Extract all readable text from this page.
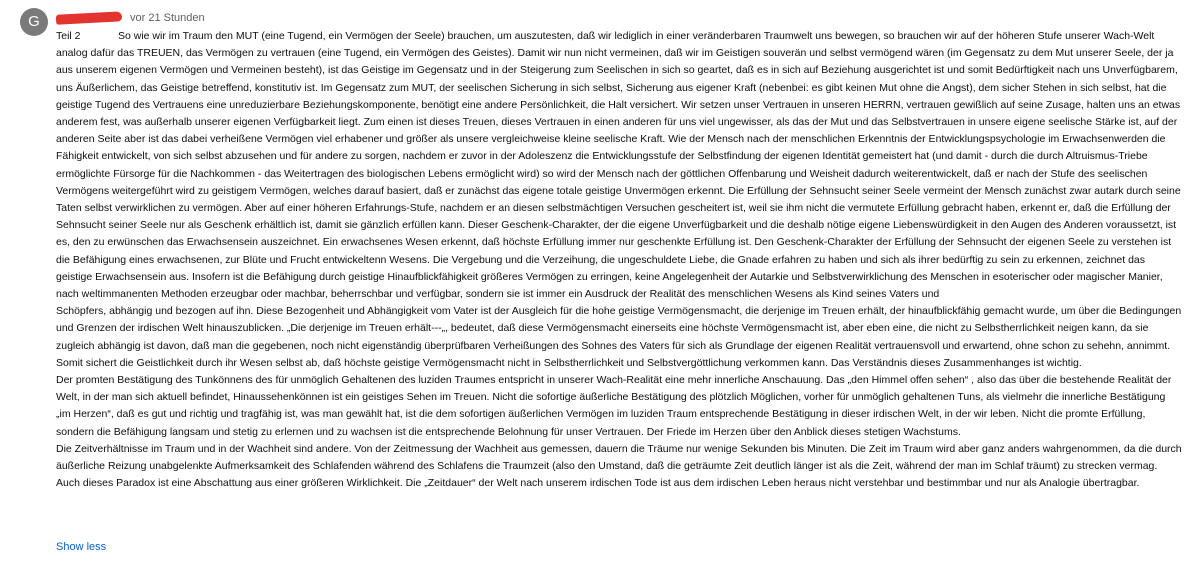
G	vor 21 Stunden

Teil 2	So wie wir im Traum den MUT (eine Tugend, ein Vermögen der Seele) brauchen, um auszutesten, daß wir lediglich in einer veränderbaren Traumwelt uns bewegen, so brauchen wir auf der höheren Stufe unserer Wach-Welt analog dafür das TREUEN, das Vermögen zu vertrauen (eine Tugend, ein Vermögen des Geistes). Damit wir nun nicht vermeinen, daß wir im Geistigen souverän und selbst vermögend wären (im Gegensatz zu dem Mut unserer Seele, der ja aus unserem eigenen Vermögen und Vermeinen besteht), ist das Geistige im Gegensatz und in der Steigerung zum Seelischen in sich so geartet, daß es in sich auf Beziehung ausgerichtet ist und somit Bedürftigkeit nach uns Unverfügbarem, uns Äußerlichem, das Geistige betreffend, konstitutiv ist. Im Gegensatz zum MUT, der seelischen Sicherung in sich selbst, Sicherung aus eigener Kraft (nebenbei: es gibt keinen Mut ohne die Angst), dem sicher Stehen in sich selbst, hat die geistige Tugend des Vertrauens eine unreduzierbare Beziehungskomponente, benötigt eine andere Persönlichkeit, die Halt versichert. Wir setzen unser Vertrauen in unseren HERRN, vertrauen gewißlich auf seine Zusage, halten uns an etwas anderem fest, was außerhalb unserer eigenen Verfügbarkeit liegt. Zum einen ist dieses Treuen, dieses Vertrauen in einen anderen für uns viel ungewisser, als das der Mut und das Selbstvertrauen in unsere eigene seelische Stärke ist, auf der anderen Seite aber ist das dabei verheißene Vermögen viel erhabener und größer als unsere vergleichweise kleine seelische Kraft. Wie der Mensch nach der menschlichen Erkenntnis der Entwicklungspsychologie im Erwachsenwerden die Fähigkeit entwickelt, von sich selbst abzusehen und für andere zu sorgen, nachdem er zuvor in der Adoleszenz die Entwicklungsstufe der Selbstfindung der eigenen Identität gemeistert hat (und damit - durch die durch Altruismus-Triebe ermöglichte Fürsorge für die Nachkommen - das Weitertragen des biologischen Lebens ermöglicht wird) so wird der Mensch nach der göttlichen Offenbarung und Weisheit dadurch weiterentwickelt, daß er nach der Stufe des seelischen Vermögens weitergeführt wird zu geistigem Vermögen, welches darauf basiert, daß er zunächst das eigene totale geistige Unvermögen erkennt. Die Erfüllung der Sehnsucht seiner Seele vermeint der Mensch zunächst zwar autark durch seine Taten selbst verwirklichen zu vermögen. Aber auf einer höheren Erfahrungs-Stufe, nachdem er an diesen selbstmächtigen Versuchen gescheitert ist, weil sie ihm nicht die vermutete Erfüllung gebracht haben, erkennt er, daß die Erfüllung der Sehnsucht seiner Seele nur als Geschenk erhältlich ist, damit sie gänzlich erfüllen kann. Dieser Geschenk-Charakter, der die eigene Unverfügbarkeit und die deshalb nötige eigene Liebenswürdigkeit in den Augen des Anderen voraussetzt, ist es, den zu erwünschen das Erwachsensein auszeichnet. Ein erwachsenes Wesen erkennt, daß höchste Erfüllung immer nur geschenkte Erfüllung ist. Den Geschenk-Charakter der Erfüllung der Sehnsucht der eigenen Seele zu verstehen ist die Befähigung eines erwachsenen, zur Blüte und Frucht entwickeltenn Wesens. Die Vergebung und die Verzeihung, die ungeschuldete Liebe, die Gnade erfahren zu haben und sich als ihrer bedürftig zu sein zu erkennen, zeichnet das geistige Erwachsensein aus. Insofern ist die Befähigung durch geistige Hinaufblickfähigkeit größeres Vermögen zu erringen, keine Angelegenheit der Autarkie und Selbstverwirklichung des Menschen in esoterischer oder magischer Manier, nach weltimmanenten Methoden erzeugbar oder machbar, beherrschbar und verfügbar, sondern sie ist immer ein Ausdruck der Realität des menschlichen Wesens als Kind seines Vaters und

Schöpfers, abhängig und bezogen auf ihn. Diese Bezogenheit und Abhängigkeit vom Vater ist der Ausgleich für die hohe geistige Vermögensmacht, die derjenige im Treuen erhält, der hinaufblickfähig gemacht wurde, um über die Bedingungen und Grenzen der irdischen Welt hinauszublicken. „Die derjenige im Treuen erhält---„, bedeutet, daß diese Vermögensmacht einerseits eine höchste Vermögensmacht ist, aber eben eine, die nicht zu Selbstherrlichkeit neigen kann, da sie zugleich abhängig ist davon, daß man die gegebenen, noch nicht eigenständig überprüfbaren Verheißungen des Sohnes des Vaters für sich als Grundlage der eigenen Realität vertrauensvoll und erwartend, ohne schon zu sehehn, annimmt.

Somit sichert die Geistlichkeit durch ihr Wesen selbst ab, daß höchste geistige Vermögensmacht nicht in Selbstherrlichkeit und Selbstvergöttlichung verkommen kann. Das Verständnis dieses Zusammenhanges ist wichtig.

Der promten Bestätigung des Tunkönnens des für unmöglich Gehaltenen des luziden Traumes entspricht in unserer Wach-Realität eine mehr innerliche Anschauung. Das „den Himmel offen sehen“ , also das über die bestehende Realität der Welt, in der man sich aktuell befindet, Hinaussehenkönnen ist ein geistiges Sehen im Treuen. Nicht die sofortige äußerliche Bestätigung des plötzlich Möglichen, vorher für unmöglich gehaltenen Tuns, als vielmehr die innerliche Bestätigung „im Herzen“, daß es gut und richtig und tragfähig ist, was man gewählt hat, ist die dem sofortigen äußerlichen Vermögen im luziden Traum entsprechende Bestätigung in dieser irdischen Welt, in der wir leben. Nicht die promte Erfüllung, sondern die Befähigung langsam und stetig zu erlernen und zu wachsen ist die entsprechende Belohnung für unser Vertrauen. Der Friede im Herzen über den Anblick dieses stetigen Wachstums.

Die Zeitverhältnisse im Traum und in der Wachheit sind andere. Von der Zeitmessung der Wachheit aus gemessen, dauern die Träume nur wenige Sekunden bis Minuten. Die Zeit im Traum wird aber ganz anders wahrgenommen, da die durch äußerliche Reizung unabgelenkte Aufmerksamkeit des Schlafenden während des Schlafens die Traumzeit (also den Umstand, daß die geträumte Zeit deutlich länger ist als die Zeit, während der man im Schlaf träumt) zu strecken vermag. Auch dieses Paradox ist eine Abschattung aus einer größeren Wirklichkeit. Die „Zeitdauer“ der Welt nach unserem irdischen Tode ist aus dem irdischen Leben heraus nicht verstehbar und bestimmbar und nur als Analogie übertragbar.

Show less
